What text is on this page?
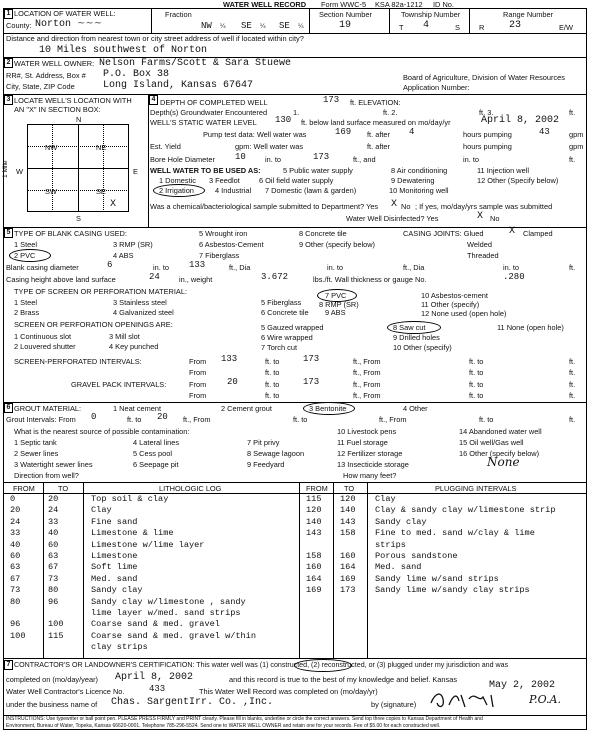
WATER WELL RECORD Form WWC-5 KSA 82a-1212 ID No.
1 LOCATION OF WATER WELL:
County: Norton ~~~
Fraction
NW ¼ SE ¼ SE ¼
Section Number
19
Township Number
T 4	S
Range Number
R 23	E/W
Distance and direction from nearest town or city street address of well if located within city?
10 Miles southwest of Norton
2 WATER WELL OWNER: Nelson Farms/Scott & Sara Stuewe
RR#, St. Address, Box # P.O. Box 38
City, State, ZIP Code	Long Island, Kansas 67647
Board of Agriculture, Division of Water Resources
Application Number:
3 LOCATE WELL'S LOCATION WITH
AN "X" IN SECTION BOX:
N
S
W	E
1 Mile
NW	NE
SW	SE
X
4 DEPTH OF COMPLETED WELL	173 ft. ELEVATION:
Depth(s) Groundwater Encountered	1.	ft. 2.	ft. 3.	ft.
WELL'S STATIC WATER LEVEL 130 ft. below land surface measured on mo/day/yr	April 8, 2002
Pump test data: Well water was	169 ft. after 4	hours pumping	43	gpm
Est. Yield	gpm: Well water was	ft. after	hours pumping	gpm
Bore Hole Diameter 10	in. to	173	ft., and	in. to	ft.
WELL WATER TO BE USED AS:	5 Public water supply	8 Air conditioning	11 Injection well
1 Domestic 3 Feedlot	6 Oil field water supply	9 Dewatering	12 Other (Specify below)
2 Irrigation	4 Industrial 7 Domestic (lawn & garden)	10 Monitoring well
Was a chemical/bacteriological sample submitted to Department? Yes	No
X ; If yes, mo/day/yrs sample was submitted
Water Well Disinfected? Yes	X No
5 TYPE OF BLANK CASING USED:	5 Wrought iron	8 Concrete tile	CASING JOINTS: Glued	X Clamped
1 Steel	3 RMP (SR)	6 Asbestos-Cement	9 Other (specify below)	Welded
2 PVC	4 ABS	7 Fiberglass	Threaded
Blank casing diameter	6	in. to 133	ft., Dia	in. to	ft., Dia	in. to	ft.
Casing height above land surface	24	in., weight	3.672	lbs./ft. Wall thickness or gauge No.	.280
TYPE OF SCREEN OR PERFORATION MATERIAL:
1 Steel	3 Stainless steel	5 Fiberglass
7 PVC
8 RMP (SR)
10 Asbestos-cement
11 Other (specify)
2 Brass	4 Galvanized steel	6 Concrete tile 9 ABS	12 None used (open hole)
SCREEN OR PERFORATION OPENINGS ARE:	5 Gauzed wrapped	8 Saw cut	11 None (open hole)
1 Continuous slot	3 Mill slot	6 Wire wrapped	9 Drilled holes
2 Louvered shutter	4 Key punched	7 Torch cut	10 Other (specify)
SCREEN-PERFORATED INTERVALS:	From 133	ft. to	173	ft., From	ft. to	ft.
From	ft. to	ft., From	ft. to	ft.
GRAVEL PACK INTERVALS:	From 20	ft. to	173	ft., From	ft. to	ft.
From	ft. to	ft., From	ft. to	ft.
6 GROUT MATERIAL:	1 Neat cement	2 Cement grout	3 Bentonite	4 Other
Grout Intervals: From 0	ft. to 20 ft., From	ft. to	ft., From	ft. to	ft.
What is the nearest source of possible contamination:	10 Livestock pens	14 Abandoned water well
1 Septic tank	4 Lateral lines	7 Pit privy	11 Fuel storage	15 Oil well/Gas well
2 Sewer lines	5 Cess pool	8 Sewage lagoon	12 Fertilizer storage	16 Other (specify below)
3 Watertight sewer lines	6 Seepage pit	9 Feedyard	13 Insecticide storage	None
Direction from well?	How many feet?
FROM	TO	LITHOLOGIC LOG	FROM TO	PLUGGING INTERVALS
0	20	Top soil & clay
20	24	Clay
24	33	Fine sand
33	40	Limestone & lime
40	60	Limestone w/lime layer
60	63	Limestone
63	67	Soft lime
67	73	Med. sand
73	80	Sandy clay
80	96	Sandy clay w/limestone , sandy
lime layer w/med. sand strips
96	100	Coarse sand & med. gravel
100	115	Coarse sand & med. gravel w/thin
clay strips
115 120 Clay
120 140 Clay & sandy clay w/limestone strip
140 143 Sandy clay
143 158 Fine to med. sand w/clay & lime
strips
158 160 Porous sandstone
160 164 Med. sand
164 169 Sandy lime w/sand strips
169 173 Sandy lime w/sandy clay strips
7 CONTRACTOR'S OR LANDOWNER'S CERTIFICATION: This water well was (1) constructed, (2) reconstructed, or (3) plugged under my jurisdiction and was
completed on (mo/day/year) April 8, 2002	and this record is true to the best of my knowledge and belief. Kansas
Water Well Contractor's Licence No.	433	This Water Well Record was completed on (mo/day/yr)
May 2, 2002
under the business name of Chas. SargentIrr. Co. ,Inc.	by (signature)	P.O.A.
INSTRUCTIONS: Use typewriter or ball point pen. PLEASE PRESS FIRMLY and PRINT clearly. Please fill in blanks, underline or circle the correct answers. Send top three copies to Kansas Department of Health and
Environment, Bureau of Water, Topeka, Kansas 66620-0001. Telephone 785-296-5524. Send one to WATER WELL OWNER and retain one for your records. Fee of $5.00 for each constructed well.
